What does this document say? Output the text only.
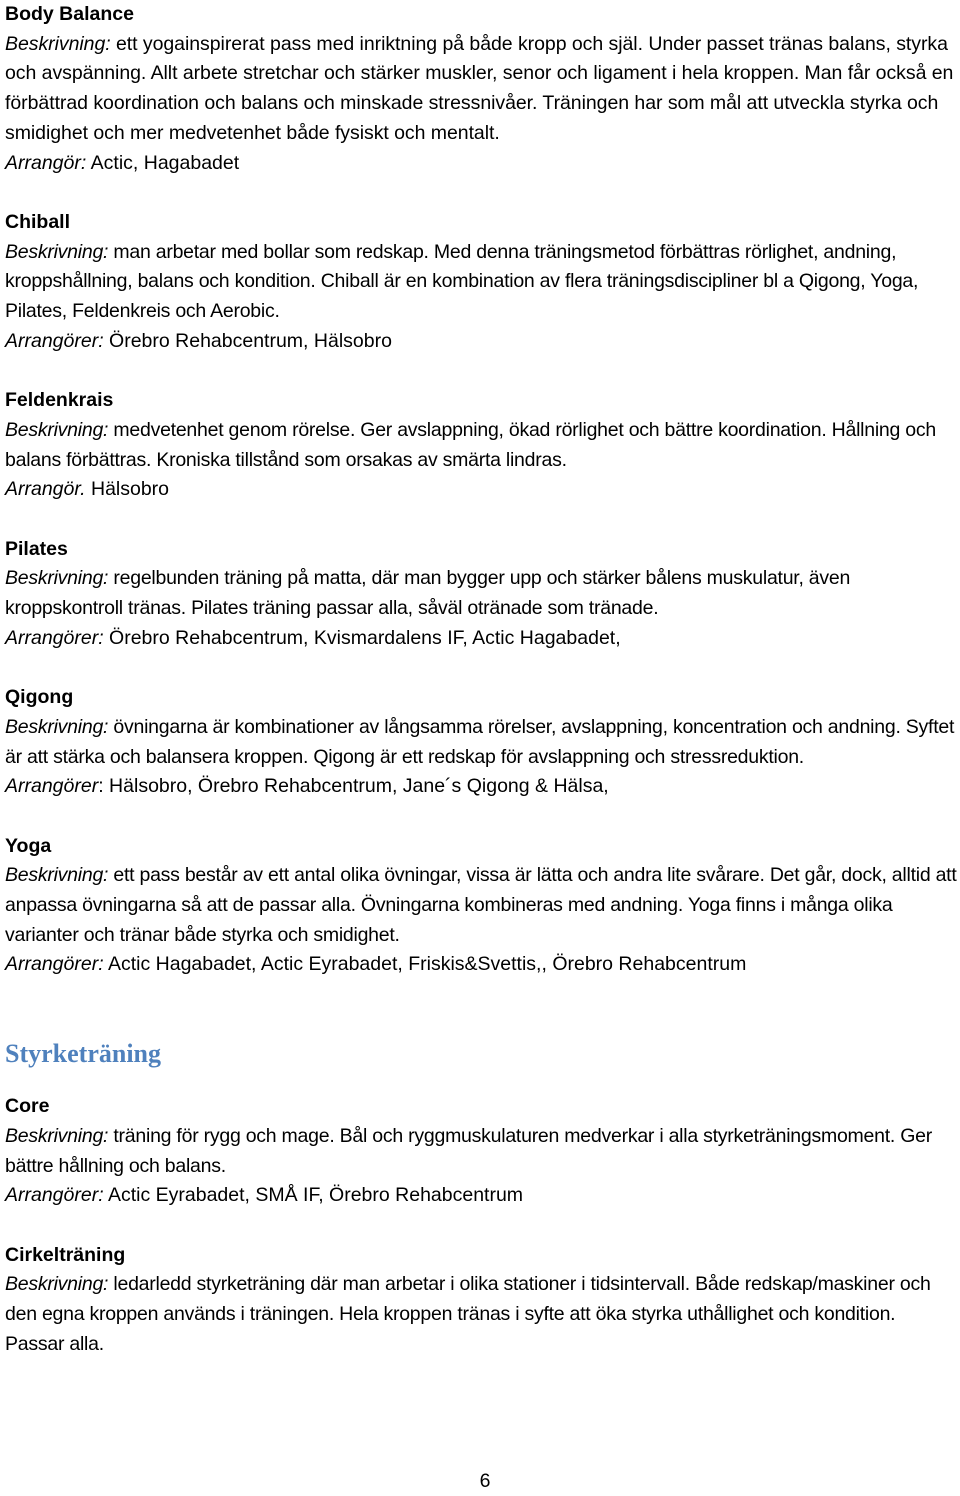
Body Balance
Beskrivning: ett yogainspirerat pass med inriktning på både kropp och själ. Under passet tränas balans, styrka och avspänning. Allt arbete stretchar och stärker muskler, senor och ligament i hela kroppen. Man får också en förbättrad koordination och balans och minskade stressnivåer. Träningen har som mål att utveckla styrka och smidighet och mer medvetenhet både fysiskt och mentalt.
Arrangör: Actic, Hagabadet
Chiball
Beskrivning: man arbetar med bollar som redskap. Med denna träningsmetod förbättras rörlighet, andning, kroppshållning, balans och kondition. Chiball är en kombination av flera träningsdiscipliner bl a Qigong, Yoga, Pilates, Feldenkreis och Aerobic.
Arrangörer: Örebro Rehabcentrum, Hälsobro
Feldenkrais
Beskrivning: medvetenhet genom rörelse. Ger avslappning, ökad rörlighet och bättre koordination. Hållning och balans förbättras. Kroniska tillstånd som orsakas av smärta lindras.
Arrangör. Hälsobro
Pilates
Beskrivning: regelbunden träning på matta, där man bygger upp och stärker bålens muskulatur, även kroppskontroll tränas. Pilates träning passar alla, såväl otränade som tränade.
Arrangörer: Örebro Rehabcentrum, Kvismardalens IF, Actic Hagabadet,
Qigong
Beskrivning: övningarna är kombinationer av långsamma rörelser, avslappning, koncentration och andning. Syftet är att stärka och balansera kroppen. Qigong är ett redskap för avslappning och stressreduktion.
Arrangörer: Hälsobro, Örebro Rehabcentrum, Jane´s Qigong & Hälsa,
Yoga
Beskrivning: ett pass består av ett antal olika övningar, vissa är lätta och andra lite svårare. Det går, dock, alltid att anpassa övningarna så att de passar alla. Övningarna kombineras med andning. Yoga finns i många olika varianter och tränar både styrka och smidighet.
Arrangörer: Actic Hagabadet, Actic Eyrabadet, Friskis&Svettis,, Örebro Rehabcentrum
Styrketräning
Core
Beskrivning: träning för rygg och mage. Bål och ryggmuskulaturen medverkar i alla styrketräningsmoment. Ger bättre hållning och balans.
Arrangörer: Actic Eyrabadet, SMÅ IF, Örebro Rehabcentrum
Cirkelträning
Beskrivning: ledarledd styrketräning där man arbetar i olika stationer i tidsintervall. Både redskap/maskiner och den egna kroppen används i träningen. Hela kroppen tränas i syfte att öka styrka uthållighet och kondition. Passar alla.
6
